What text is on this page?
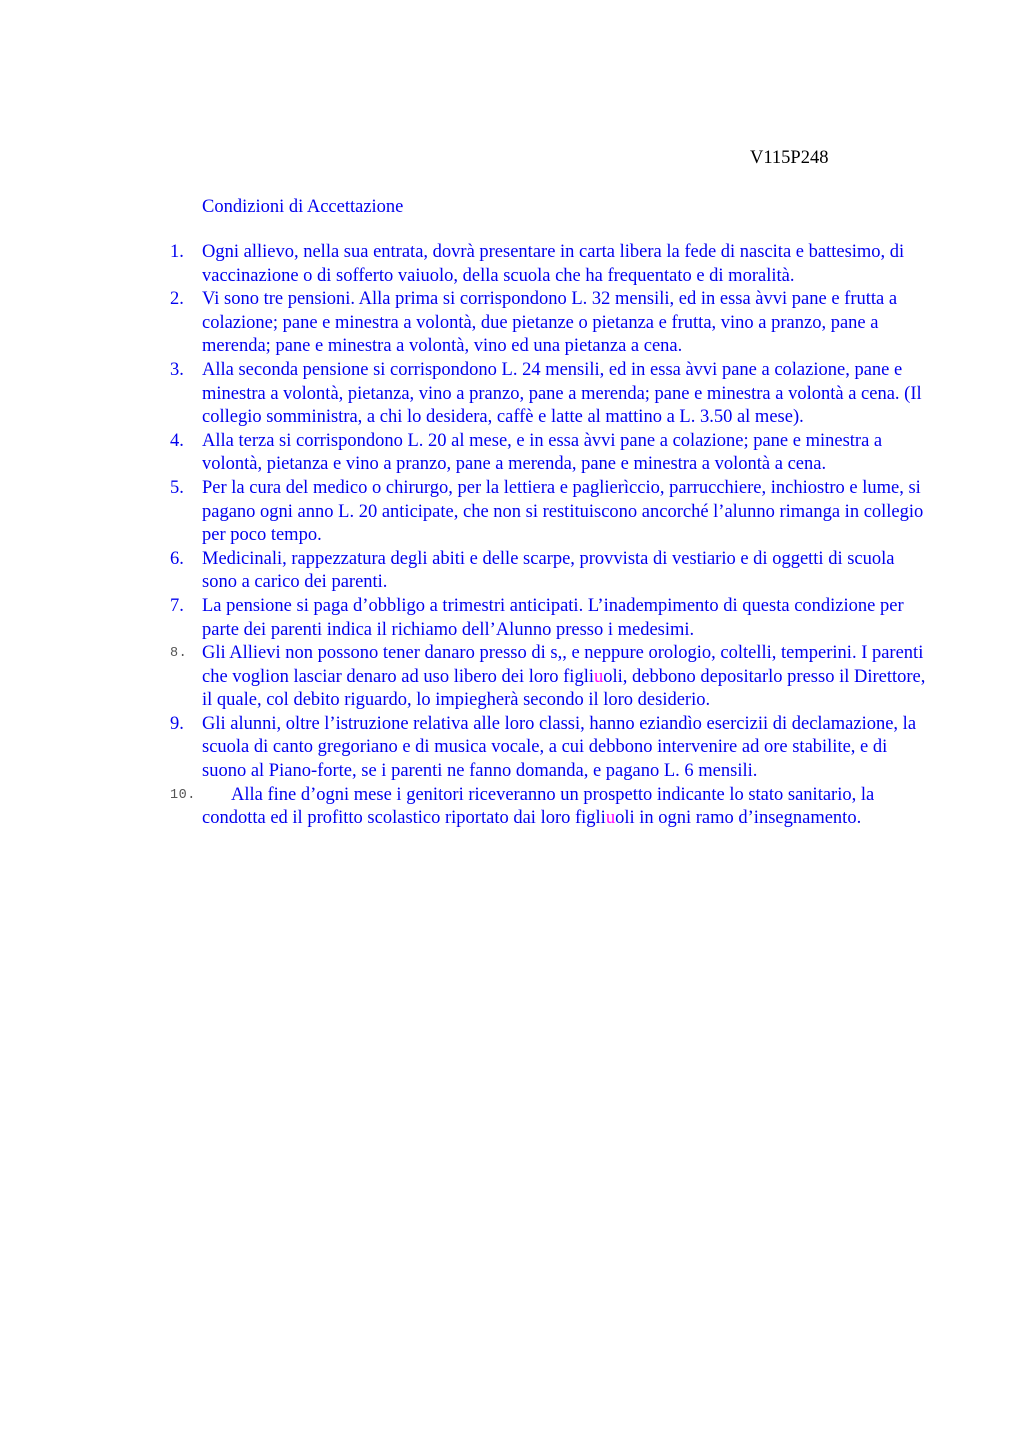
V115P248
Condizioni di Accettazione
1. Ogni allievo, nella sua entrata, dovrà presentare in carta libera la fede di nascita e battesimo, di vaccinazione o di sofferto vaiuolo, della scuola che ha frequentato e di moralità.
2. Vi sono tre pensioni. Alla prima si corrispondono L. 32 mensili, ed in essa àvvi pane e frutta a colazione; pane e minestra a volontà, due pietanze o pietanza e frutta, vino a pranzo, pane a merenda; pane e minestra a volontà, vino ed una pietanza a cena.
3. Alla seconda pensione si corrispondono L. 24 mensili, ed in essa àvvi pane a colazione, pane e minestra a volontà, pietanza, vino a pranzo, pane a merenda; pane e minestra a volontà a cena. (Il collegio somministra, a chi lo desidera, caffè e latte al mattino a L. 3.50 al mese).
4. Alla terza si corrispondono L. 20 al mese, e in essa àvvi pane a colazione; pane e minestra a volontà, pietanza e vino a pranzo, pane a merenda, pane e minestra a volontà a cena.
5. Per la cura del medico o chirurgo, per la lettiera e paglierìccio, parrucchiere, inchiostro e lume, si pagano ogni anno L. 20 anticipate, che non si restituiscono ancorché l’alunno rimanga in collegio per poco tempo.
6. Medicinali, rappezzatura degli abiti e delle scarpe, provvista di vestiario e di oggetti di scuola sono a carico dei parenti.
7. La pensione si paga d’obbligo a trimestri anticipati. L’inadempimento di questa condizione per parte dei parenti indica il richiamo dell’Alunno presso i medesimi.
8. Gli Allievi non possono tener danaro presso di s,, e neppure orologio, coltelli, temperini. I parenti che voglion lasciar denaro ad uso libero dei loro figliuoli, debbono depositarlo presso il Direttore, il quale, col debito riguardo, lo impiegherà secondo il loro desiderio.
9. Gli alunni, oltre l’istruzione relativa alle loro classi, hanno eziandìo esercizii di declamazione, la scuola di canto gregoriano e di musica vocale, a cui debbono intervenire ad ore stabilite, e di suono al Piano-forte, se i parenti ne fanno domanda, e pagano L. 6 mensili.
10.	Alla fine d’ogni mese i genitori riceveranno un prospetto indicante lo stato sanitario, la condotta ed il profitto scolastico riportato dai loro figliuoli in ogni ramo d’insegnamento.
